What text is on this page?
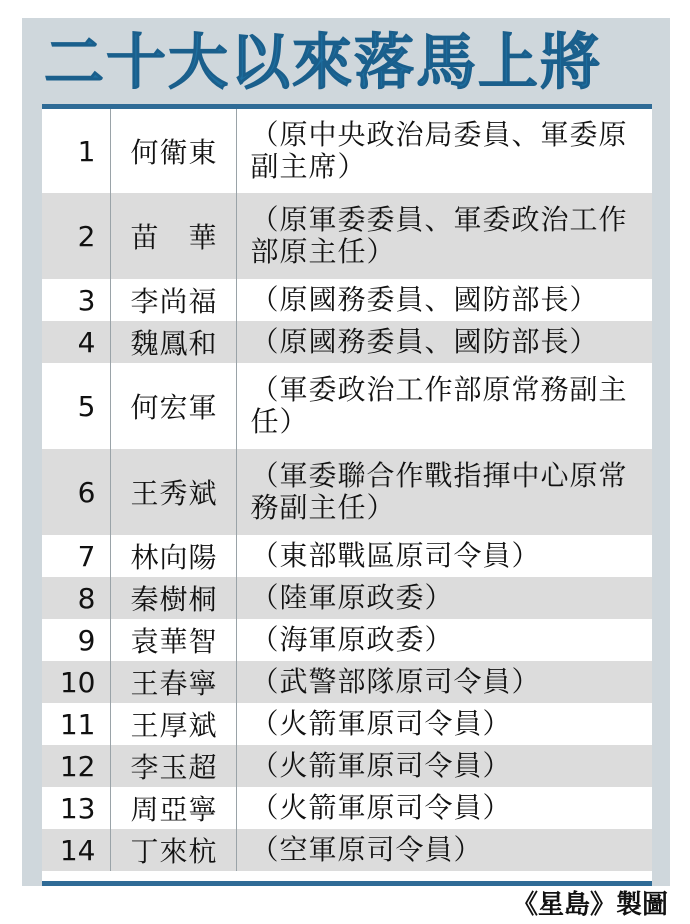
二十大以來落馬上將
1	何衛東	（原中央政治局委員、軍委原副主席）
2	苗　華	（原軍委委員、軍委政治工作部原主任）
3	李尚福	（原國務委員、國防部長）
4	魏鳳和	（原國務委員、國防部長）
5	何宏軍	（軍委政治工作部原常務副主任）
6	王秀斌	（軍委聯合作戰指揮中心原常務副主任）
7	林向陽	（東部戰區原司令員）
8	秦樹桐	（陸軍原政委）
9	袁華智	（海軍原政委）
10	王春寧	（武警部隊原司令員）
11	王厚斌	（火箭軍原司令員）
12	李玉超	（火箭軍原司令員）
13	周亞寧	（火箭軍原司令員）
14	丁來杭	（空軍原司令員）
《星島》製圖
